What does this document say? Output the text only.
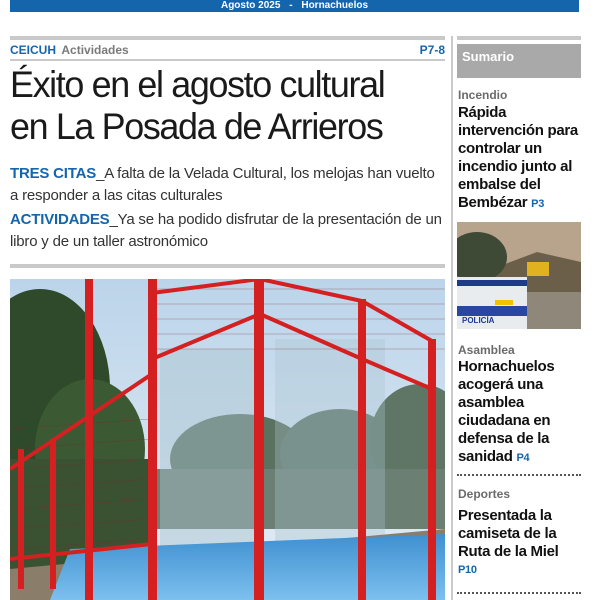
Agosto 2025 - Hornachuelos
CEICUH Actividades	P7-8
Éxito en el agosto cultural
en La Posada de Arrieros
TRES CITAS_A falta de la Velada Cultural, los melojas han vuelto a responder a las citas culturales
ACTIVIDADES_Ya se ha podido disfrutar de la presentación de un libro y de un taller astronómico
Sumario
Incendio
Rápida intervención para controlar un incendio junto al embalse del Bembézar P3
POLICÍA
Asamblea
Hornachuelos acogerá una asamblea ciudadana en defensa de la sanidad P4
Deportes
Presentada la camiseta de la Ruta de la Miel
P10
